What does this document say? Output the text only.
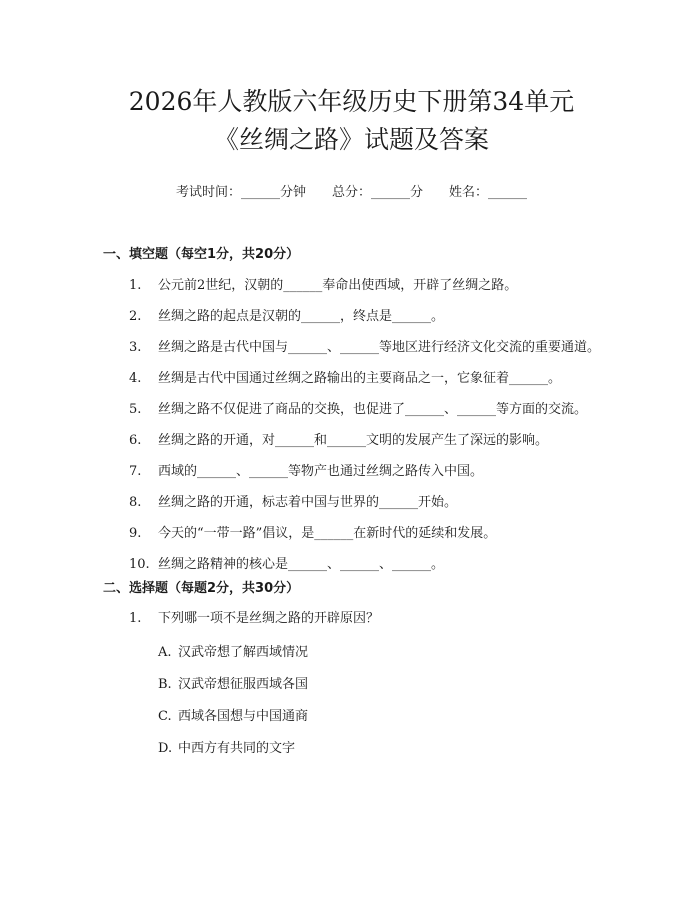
2026年人教版六年级历史下册第34单元
《丝绸之路》试题及答案
考试时间：______分钟 总分：______分 姓名：______
一、填空题（每空1分，共20分）
1. 公元前2世纪，汉朝的______奉命出使西域，开辟了丝绸之路。
2. 丝绸之路的起点是汉朝的______，终点是______。
3. 丝绸之路是古代中国与______、______等地区进行经济文化交流的重要通道。
4. 丝绸是古代中国通过丝绸之路输出的主要商品之一，它象征着______。
5. 丝绸之路不仅促进了商品的交换，也促进了______、______等方面的交流。
6. 丝绸之路的开通，对______和______文明的发展产生了深远的影响。
7. 西域的______、______等物产也通过丝绸之路传入中国。
8. 丝绸之路的开通，标志着中国与世界的______开始。
9. 今天的“一带一路”倡议，是______在新时代的延续和发展。
10. 丝绸之路精神的核心是______、______、______。
二、选择题（每题2分，共30分）
1. 下列哪一项不是丝绸之路的开辟原因？
A. 汉武帝想了解西域情况
B. 汉武帝想征服西域各国
C. 西域各国想与中国通商
D. 中西方有共同的文字
